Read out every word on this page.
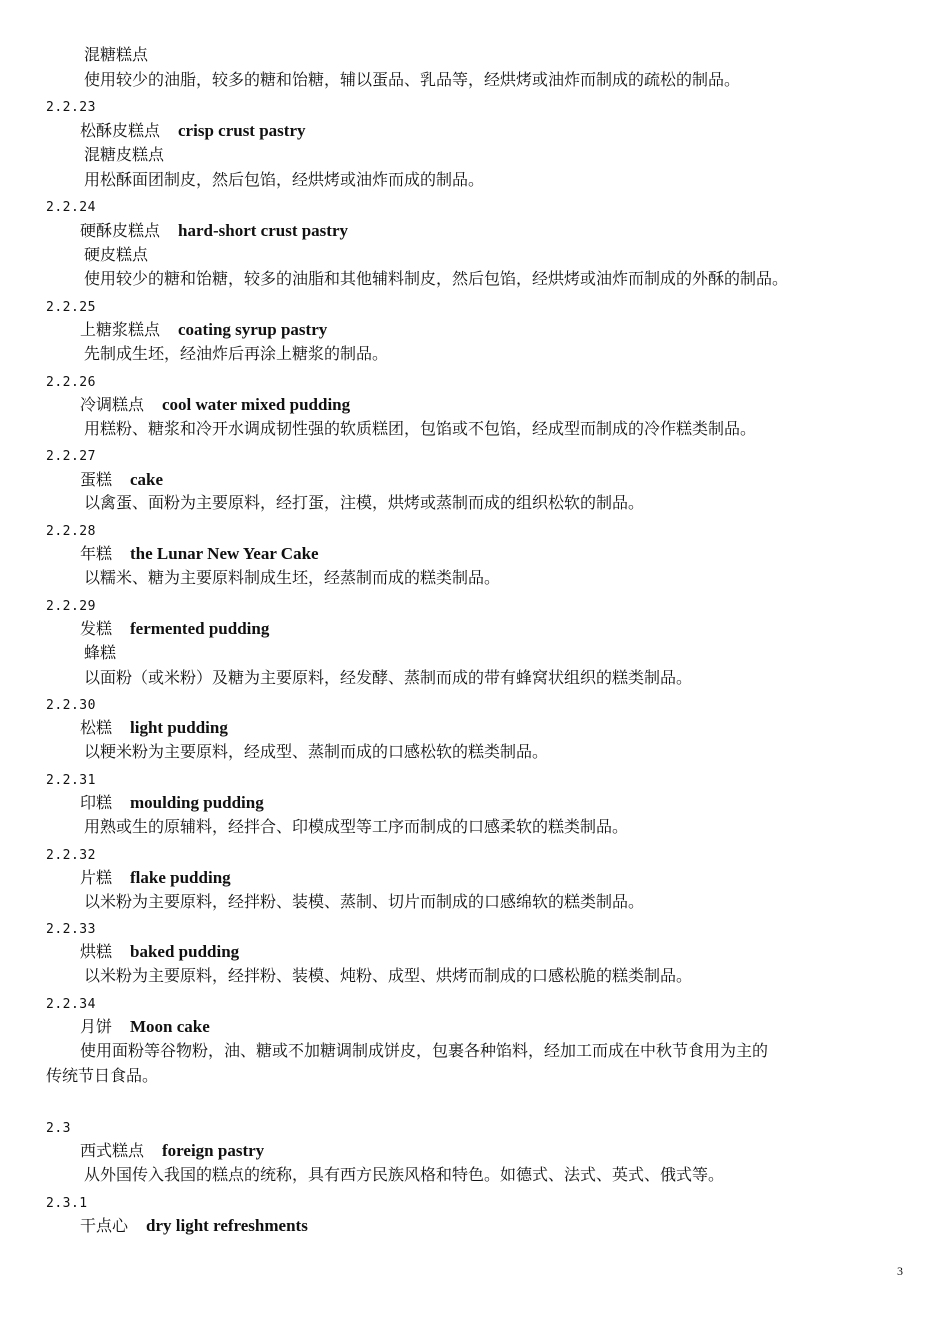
混糖糕点
使用较少的油脂，较多的糖和饴糖，辅以蛋品、乳品等，经烘烤或油炸而制成的疏松的制品。
2.2.23
松酥皮糕点 crisp crust pastry
混糖皮糕点
用松酥面团制皮，然后包馅，经烘烤或油炸而成的制品。
2.2.24
硬酥皮糕点 hard-short crust pastry
硬皮糕点
使用较少的糖和饴糖，较多的油脂和其他辅料制皮，然后包馅，经烘烤或油炸而制成的外酥的制品。
2.2.25
上糖浆糕点 coating syrup pastry
先制成生坯，经油炸后再涂上糖浆的制品。
2.2.26
冷调糕点 cool water mixed pudding
用糕粉、糖浆和冷开水调成韧性强的软质糕团，包馅或不包馅，经成型而制成的冷作糕类制品。
2.2.27
蛋糕 cake
以禽蛋、面粉为主要原料，经打蛋，注模，烘烤或蒸制而成的组织松软的制品。
2.2.28
年糕 the Lunar New Year Cake
以糯米、糖为主要原料制成生坯，经蒸制而成的糕类制品。
2.2.29
发糕 fermented pudding
蜂糕
以面粉（或米粉）及糖为主要原料，经发酵、蒸制而成的带有蜂窝状组织的糕类制品。
2.2.30
松糕 light pudding
以粳米粉为主要原料，经成型、蒸制而成的口感松软的糕类制品。
2.2.31
印糕 moulding pudding
用熟或生的原辅料，经拌合、印模成型等工序而制成的口感柔软的糕类制品。
2.2.32
片糕 flake pudding
以米粉为主要原料，经拌粉、装模、蒸制、切片而制成的口感绵软的糕类制品。
2.2.33
烘糕 baked pudding
以米粉为主要原料，经拌粉、装模、炖粉、成型、烘烤而制成的口感松脆的糕类制品。
2.2.34
月饼 Moon cake
使用面粉等谷物粉，油、糖或不加糖调制成饼皮，包裹各种馅料，经加工而成在中秋节食用为主的
传统节日食品。
2.3
西式糕点 foreign pastry
从外国传入我国的糕点的统称，具有西方民族风格和特色。如德式、法式、英式、俄式等。
2.3.1
干点心 dry light refreshments
3
